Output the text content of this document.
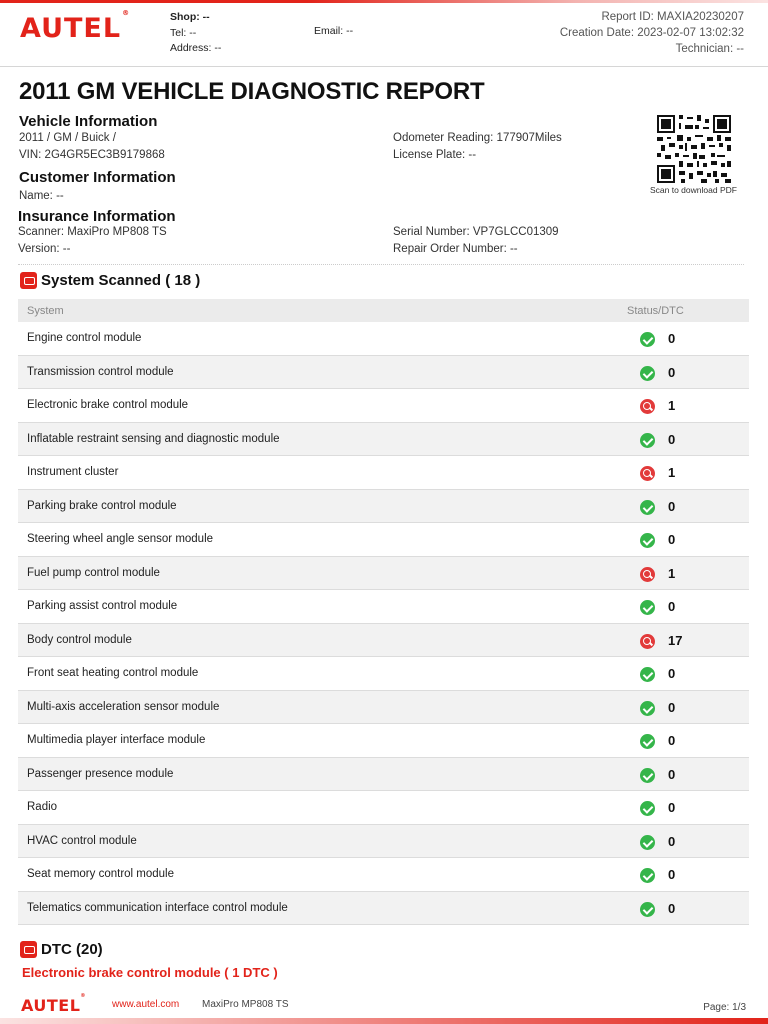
AUTEL®	Shop: --
Tel: --
Address: --
Email: --
Report ID: MAXIA20230207
Creation Date: 2023-02-07 13:02:32
Technician: --
2011 GM VEHICLE DIAGNOSTIC REPORT
Vehicle Information
2011 / GM / Buick /
VIN: 2G4GR5EC3B9179868
Odometer Reading: 177907Miles
License Plate: --
Scan to download PDF
Customer Information
Name: --
Insurance Information
Scanner: MaxiPro MP808 TS
Version: --
Serial Number: VP7GLCC01309
Repair Order Number: --
System Scanned ( 18 )
System	Status/DTC
Engine control module	0
Transmission control module	0
Electronic brake control module	1
Inflatable restraint sensing and diagnostic module	0
Instrument cluster	1
Parking brake control module	0
Steering wheel angle sensor module	0
Fuel pump control module	1
Parking assist control module	0
Body control module	17
Front seat heating control module	0
Multi-axis acceleration sensor module	0
Multimedia player interface module	0
Passenger presence module	0
Radio	0
HVAC control module	0
Seat memory control module	0
Telematics communication interface control module	0
DTC (20)
Electronic brake control module ( 1 DTC )
AUTEL®
www.autel.com MaxiPro MP808 TS	Page: 1/3
